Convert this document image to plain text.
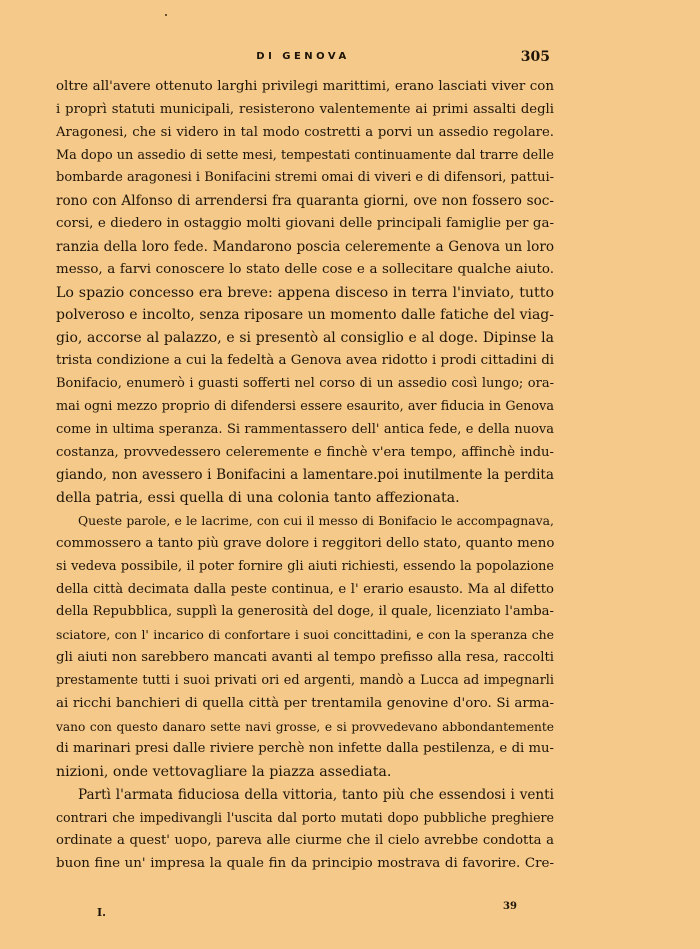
DI GENOVA	305
oltre all'avere ottenuto larghi privilegi marittimi, erano lasciati viver con
i proprì statuti municipali, resisterono valentemente ai primi assalti degli
Aragonesi, che si videro in tal modo costretti a porvi un assedio regolare.
Ma dopo un assedio di sette mesi, tempestati continuamente dal trarre delle
bombarde aragonesi i Bonifacini stremi omai di viveri e di difensori, pattui-
rono con Alfonso di arrendersi fra quaranta giorni, ove non fossero soc-
corsi, e diedero in ostaggio molti giovani delle principali famiglie per ga-
ranzia della loro fede. Mandarono poscia celeremente a Genova un loro
messo, a farvi conoscere lo stato delle cose e a sollecitare qualche aiuto.
Lo spazio concesso era breve: appena disceso in terra l'inviato, tutto
polveroso e incolto, senza riposare un momento dalle fatiche del viag-
gio, accorse al palazzo, e si presentò al consiglio e al doge. Dipinse la
trista condizione a cui la fedeltà a Genova avea ridotto i prodi cittadini di
Bonifacio, enumerò i guasti sofferti nel corso di un assedio così lungo; ora-
mai ogni mezzo proprio di difendersi essere esaurito, aver fiducia in Genova
come in ultima speranza. Si rammentassero dell' antica fede, e della nuova
costanza, provvedessero celeremente e finchè v'era tempo, affinchè indu-
giando, non avessero i Bonifacini a lamentare.poi inutilmente la perdita
della patria, essi quella di una colonia tanto affezionata.
Queste parole, e le lacrime, con cui il messo di Bonifacio le accompagnava,
commossero a tanto più grave dolore i reggitori dello stato, quanto meno
si vedeva possibile, il poter fornire gli aiuti richiesti, essendo la popolazione
della città decimata dalla peste continua, e l' erario esausto. Ma al difetto
della Repubblica, supplì la generosità del doge, il quale, licenziato l'amba-
sciatore, con l' incarico di confortare i suoi concittadini, e con la speranza che
gli aiuti non sarebbero mancati avanti al tempo prefisso alla resa, raccolti
prestamente tutti i suoi privati ori ed argenti, mandò a Lucca ad impegnarli
ai ricchi banchieri di quella città per trentamila genovine d'oro. Si arma-
vano con questo danaro sette navi grosse, e si provvedevano abbondantemente
di marinari presi dalle riviere perchè non infette dalla pestilenza, e di mu-
nizioni, onde vettovagliare la piazza assediata.
Partì l'armata fiduciosa della vittoria, tanto più che essendosi i venti
contrari che impedivangli l'uscita dal porto mutati dopo pubbliche preghiere
ordinate a quest' uopo, pareva alle ciurme che il cielo avrebbe condotta a
buon fine un' impresa la quale fin da principio mostrava di favorire. Cre-
I.	39
